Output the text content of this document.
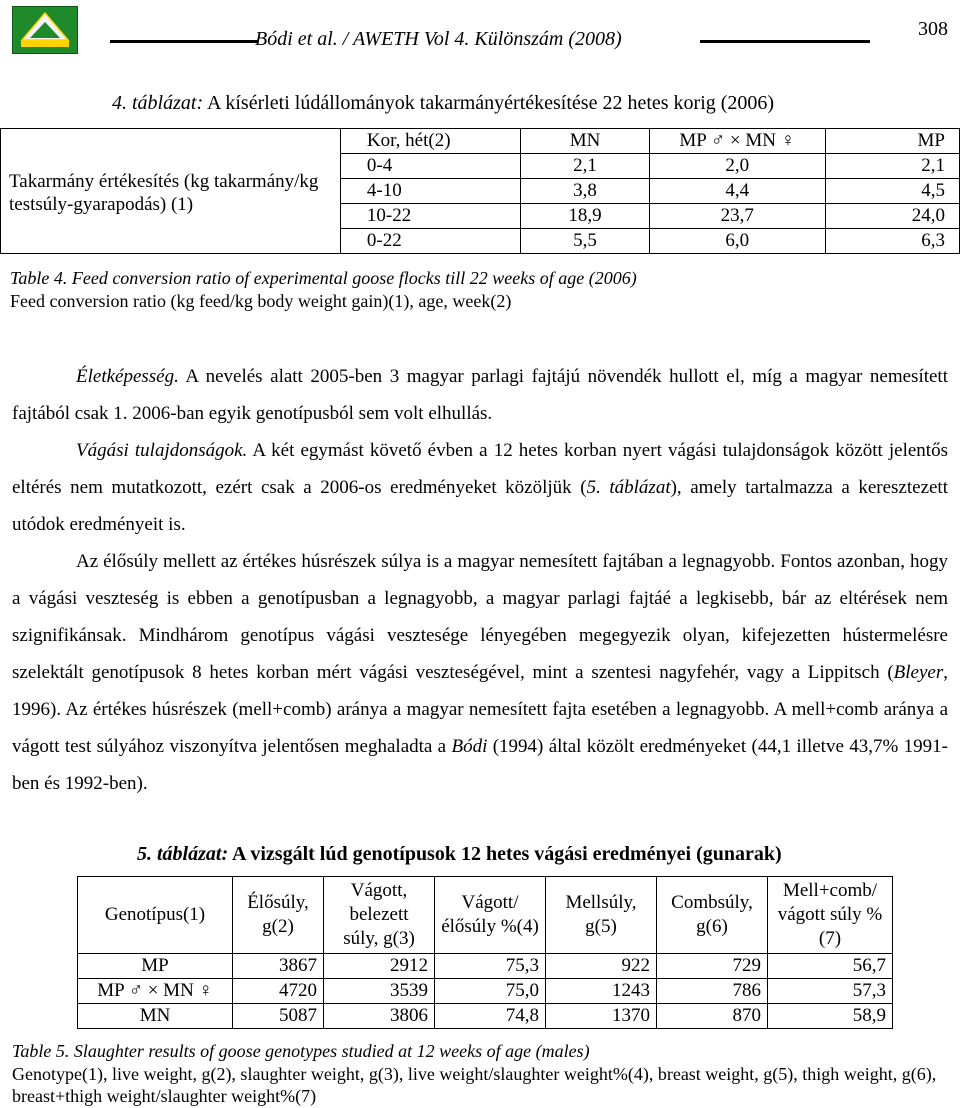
Bódi et al. / AWETH Vol 4. Különszám (2008)	308
4. táblázat: A kísérleti lúdállományok takarmányértékesítése 22 hetes korig (2006)
Takarmány értékesítés (kg takarmány/kg testsúly-gyarapodás) (1)	Kor, hét(2)	MN	MP ♂ × MN ♀	MP
	0-4	2,1	2,0	2,1
	4-10	3,8	4,4	4,5
	10-22	18,9	23,7	24,0
	0-22	5,5	6,0	6,3
Table 4. Feed conversion ratio of experimental goose flocks till 22 weeks of age (2006)
Feed conversion ratio (kg feed/kg body weight gain)(1), age, week(2)
Életképesség. A nevelés alatt 2005-ben 3 magyar parlagi fajtájú növendék hullott el, míg a magyar nemesített fajtából csak 1. 2006-ban egyik genotípusból sem volt elhullás.
Vágási tulajdonságok. A két egymást követő évben a 12 hetes korban nyert vágási tulajdonságok között jelentős eltérés nem mutatkozott, ezért csak a 2006-os eredményeket közöljük (5. táblázat), amely tartalmazza a keresztezett utódok eredményeit is.
Az élősúly mellett az értékes húsrészek súlya is a magyar nemesített fajtában a legnagyobb. Fontos azonban, hogy a vágási veszteség is ebben a genotípusban a legnagyobb, a magyar parlagi fajtáé a legkisebb, bár az eltérések nem szignifikánsak. Mindhárom genotípus vágási vesztesége lényegében megegyezik olyan, kifejezetten hústermelésre szelektált genotípusok 8 hetes korban mért vágási veszteségével, mint a szentesi nagyfehér, vagy a Lippitsch (Bleyer, 1996). Az értékes húsrészek (mell+comb) aránya a magyar nemesített fajta esetében a legnagyobb. A mell+comb aránya a vágott test súlyához viszonyítva jelentősen meghaladta a Bódi (1994) által közölt eredményeket (44,1 illetve 43,7% 1991-ben és 1992-ben).
5. táblázat: A vizsgált lúd genotípusok 12 hetes vágási eredményei (gunarak)
Genotípus(1)	Élősúly, g(2)	Vágott, belezett súly, g(3)	Vágott/ élősúly %(4)	Mellsúly, g(5)	Combsúly, g(6)	Mell+comb/ vágott súly %(7)
MP	3867	2912	75,3	922	729	56,7
MP ♂ × MN ♀	4720	3539	75,0	1243	786	57,3
MN	5087	3806	74,8	1370	870	58,9
Table 5. Slaughter results of goose genotypes studied at 12 weeks of age (males)
Genotype(1), live weight, g(2), slaughter weight, g(3), live weight/slaughter weight%(4), breast weight, g(5), thigh weight, g(6), breast+thigh weight/slaughter weight%(7)
